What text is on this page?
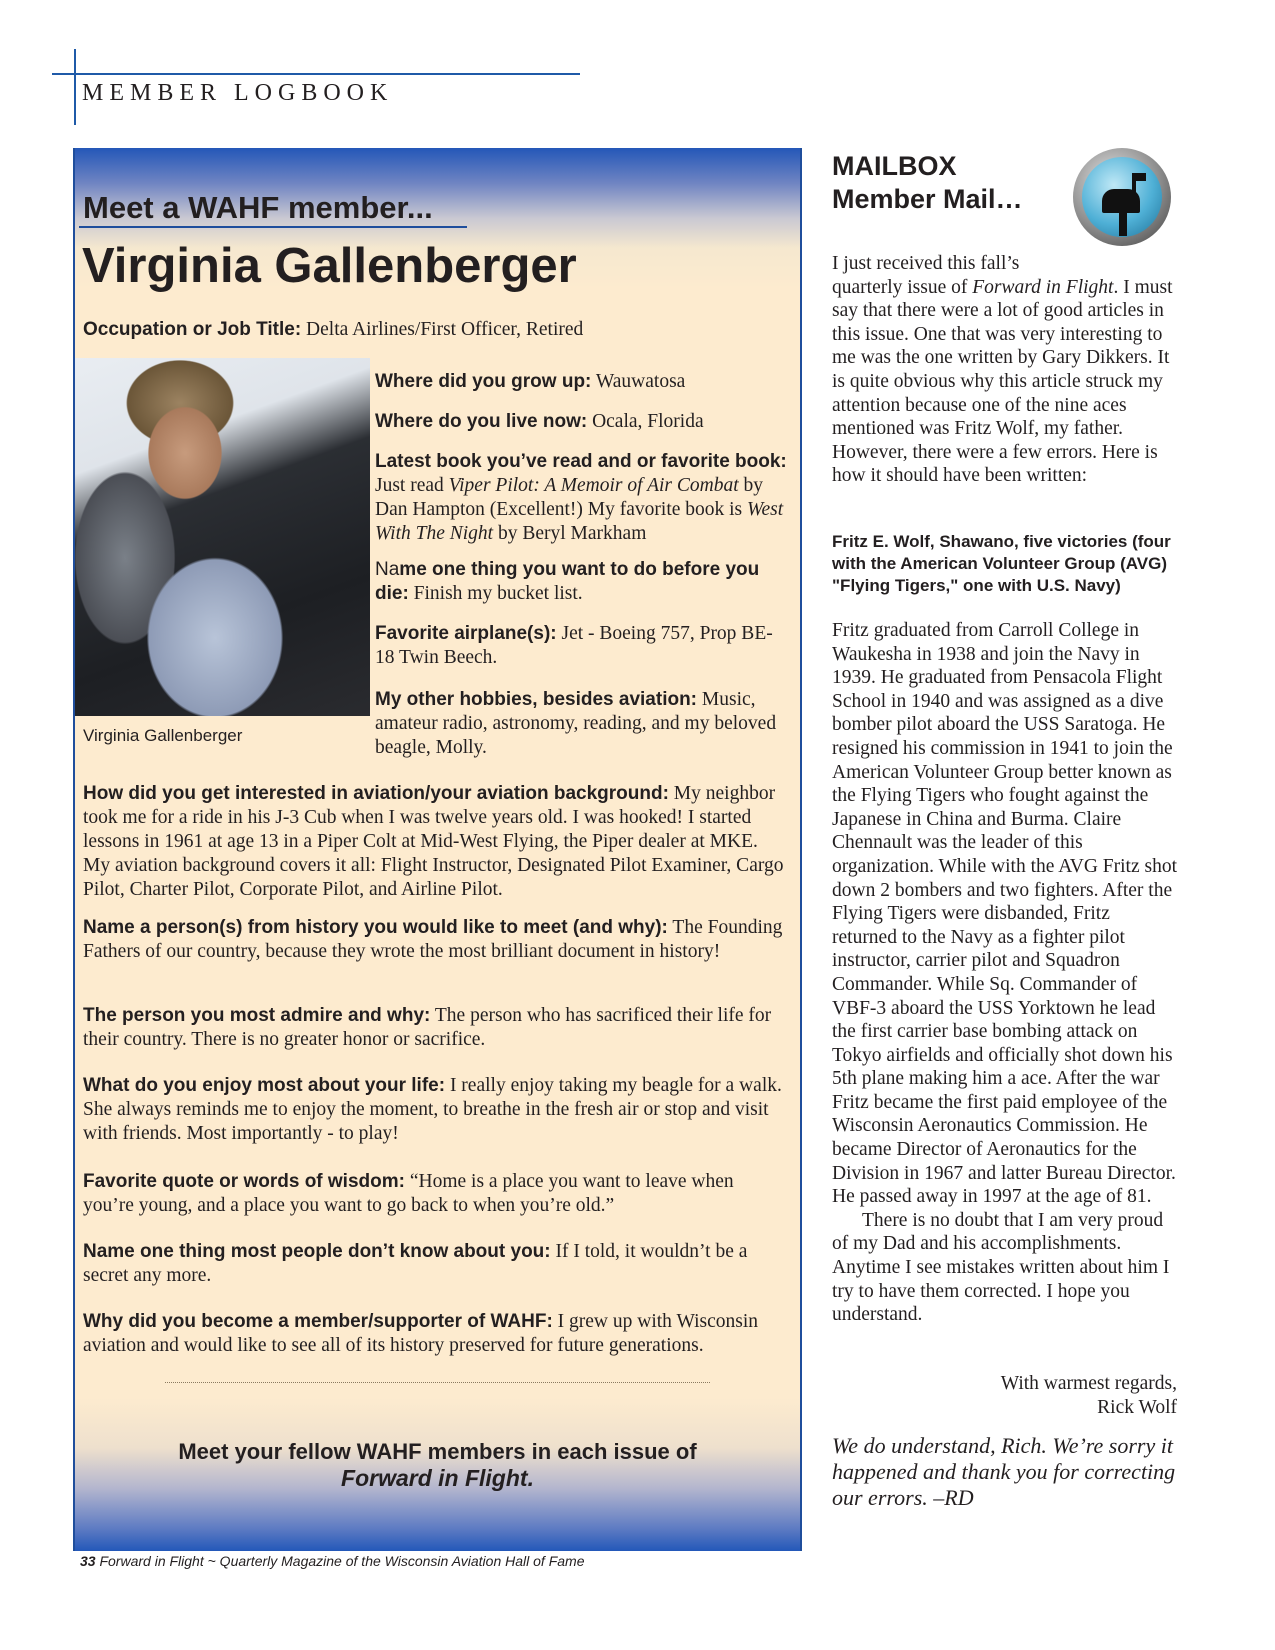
MEMBER LOGBOOK
Meet a WAHF member...
Virginia Gallenberger

Occupation or Job Title: Delta Airlines/First Officer, Retired

Virginia Gallenberger

Where did you grow up: Wauwatosa

Where do you live now: Ocala, Florida

Latest book you’ve read and or favorite book: Just read Viper Pilot: A Memoir of Air Combat by Dan Hampton (Excellent!) My favorite book is West With The Night by Beryl Markham

Name one thing you want to do before you die: Finish my bucket list.

Favorite airplane(s): Jet - Boeing 757, Prop BE-18 Twin Beech.

My other hobbies, besides aviation: Music, amateur radio, astronomy, reading, and my beloved beagle, Molly.

How did you get interested in aviation/your aviation background: My neighbor took me for a ride in his J-3 Cub when I was twelve years old. I was hooked! I started lessons in 1961 at age 13 in a Piper Colt at Mid-West Flying, the Piper dealer at MKE. My aviation background covers it all: Flight Instructor, Designated Pilot Examiner, Cargo Pilot, Charter Pilot, Corporate Pilot, and Airline Pilot.

Name a person(s) from history you would like to meet (and why): The Founding Fathers of our country, because they wrote the most brilliant document in history!

The person you most admire and why: The person who has sacrificed their life for their country. There is no greater honor or sacrifice.

What do you enjoy most about your life: I really enjoy taking my beagle for a walk. She always reminds me to enjoy the moment, to breathe in the fresh air or stop and visit with friends. Most importantly - to play!

Favorite quote or words of wisdom: “Home is a place you want to leave when you’re young, and a place you want to go back to when you’re old.”

Name one thing most people don’t know about you: If I told, it wouldn’t be a secret any more.

Why did you become a member/supporter of WAHF: I grew up with Wisconsin aviation and would like to see all of its history preserved for future generations.

Meet your fellow WAHF members in each issue of
Forward in Flight.
MAILBOX
Member Mail…

I just received this fall’s

quarterly issue of Forward in Flight. I must say that there were a lot of good articles in this issue. One that was very interesting to me was the one written by Gary Dikkers. It is quite obvious why this article struck my attention because one of the nine aces mentioned was Fritz Wolf, my father. However, there were a few errors. Here is how it should have been written:

Fritz E. Wolf, Shawano, five victories (four with the American Volunteer Group (AVG) "Flying Tigers," one with U.S. Navy)

Fritz graduated from Carroll College in Waukesha in 1938 and join the Navy in 1939. He graduated from Pensacola Flight School in 1940 and was assigned as a dive bomber pilot aboard the USS Saratoga. He resigned his commission in 1941 to join the American Volunteer Group better known as the Flying Tigers who fought against the Japanese in China and Burma. Claire Chennault was the leader of this organization. While with the AVG Fritz shot down 2 bombers and two fighters. After the Flying Tigers were disbanded, Fritz returned to the Navy as a fighter pilot instructor, carrier pilot and Squadron Commander. While Sq. Commander of VBF-3 aboard the USS Yorktown he lead the first carrier base bombing attack on Tokyo airfields and officially shot down his 5th plane making him a ace. After the war Fritz became the first paid employee of the Wisconsin Aeronautics Commission. He became Director of Aeronautics for the Division in 1967 and latter Bureau Director. He passed away in 1997 at the age of 81.

There is no doubt that I am very proud of my Dad and his accomplishments. Anytime I see mistakes written about him I try to have them corrected. I hope you understand.

With warmest regards,
Rick Wolf
We do understand, Rich. We’re sorry it happened and thank you for correcting our errors. –RD
33 Forward in Flight ~ Quarterly Magazine of the Wisconsin Aviation Hall of Fame
